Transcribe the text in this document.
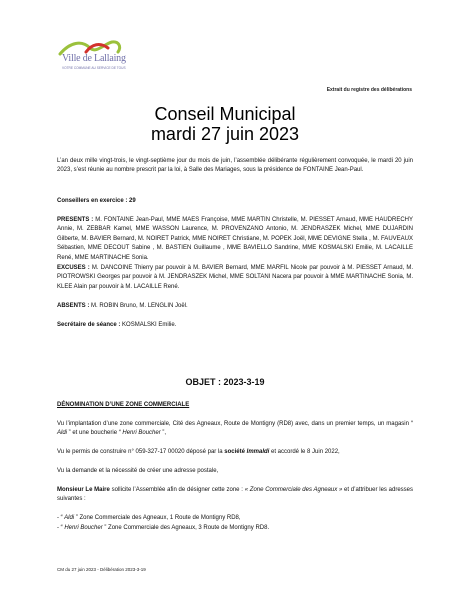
Ville de Lallaing
VOTRE COMMUNE AU SERVICE DE TOUS
Extrait du registre des délibérations
Conseil Municipal
mardi 27 juin 2023
L’an deux mille vingt-trois, le vingt-septième jour du mois de juin, l’assemblée délibérante régulièrement convoquée, le mardi 20 juin 2023, s’est réunie au nombre prescrit par la loi, à Salle des Mariages, sous la présidence de FONTAINE Jean-Paul.
Conseillers en exercice : 29
PRESENTS : M. FONTAINE Jean-Paul, MME MAES Françoise, MME MARTIN Christelle, M. PIESSET Arnaud, MME HAUDRECHY Annie, M. ZEBBAR Kamel, MME WASSON Laurence, M. PROVENZANO Antonio, M. JENDRASZEK Michel, MME DUJARDIN Gilberte, M. BAVIER Bernard, M. NOIRET Patrick, MME NOIRET Christiane, M. POPEK Joël, MME DEVIGNE Stella , M. FAUVEAUX Sébastien, MME DECOUT Sabine , M. BASTIEN Guillaume , MME BAVIELLO Sandrine, MME KOSMALSKI Emilie, M. LACAILLE René, MME MARTINACHE Sonia.
EXCUSES : M. DANCOINE Thierry par pouvoir à M. BAVIER Bernard, MME MARFIL Nicole par pouvoir à M. PIESSET Arnaud, M. PIOTROWSKI Georges par pouvoir à M. JENDRASZEK Michel, MME SOLTANI Nacera par pouvoir à MME MARTINACHE Sonia, M. KLEE Alain par pouvoir à M. LACAILLE René.
ABSENTS : M. ROBIN Bruno, M. LENGLIN Joël.
Secrétaire de séance : KOSMALSKI Emilie.
OBJET : 2023-3-19
DÉNOMINATION D’UNE ZONE COMMERCIALE
Vu l’implantation d’une zone commerciale, Cité des Agneaux, Route de Montigny (RD8) avec, dans un premier temps, un magasin “ Aldi ” et une boucherie “ Henri Boucher ”,
Vu le permis de construire n° 059-327-17 00020 déposé par la société Immaldi et accordé le 8 Juin 2022,
Vu la demande et la nécessité de créer une adresse postale,
Monsieur Le Maire sollicite l’Assemblée afin de désigner cette zone : « Zone Commerciale des Agneaux » et d’attribuer les adresses suivantes :
- “ Aldi ” Zone Commerciale des Agneaux, 1 Route de Montigny RD8,
- “ Henri Boucher ” Zone Commerciale des Agneaux, 3 Route de Montigny RD8.
CM du 27 juin 2023 - Délibération 2023-3-19
